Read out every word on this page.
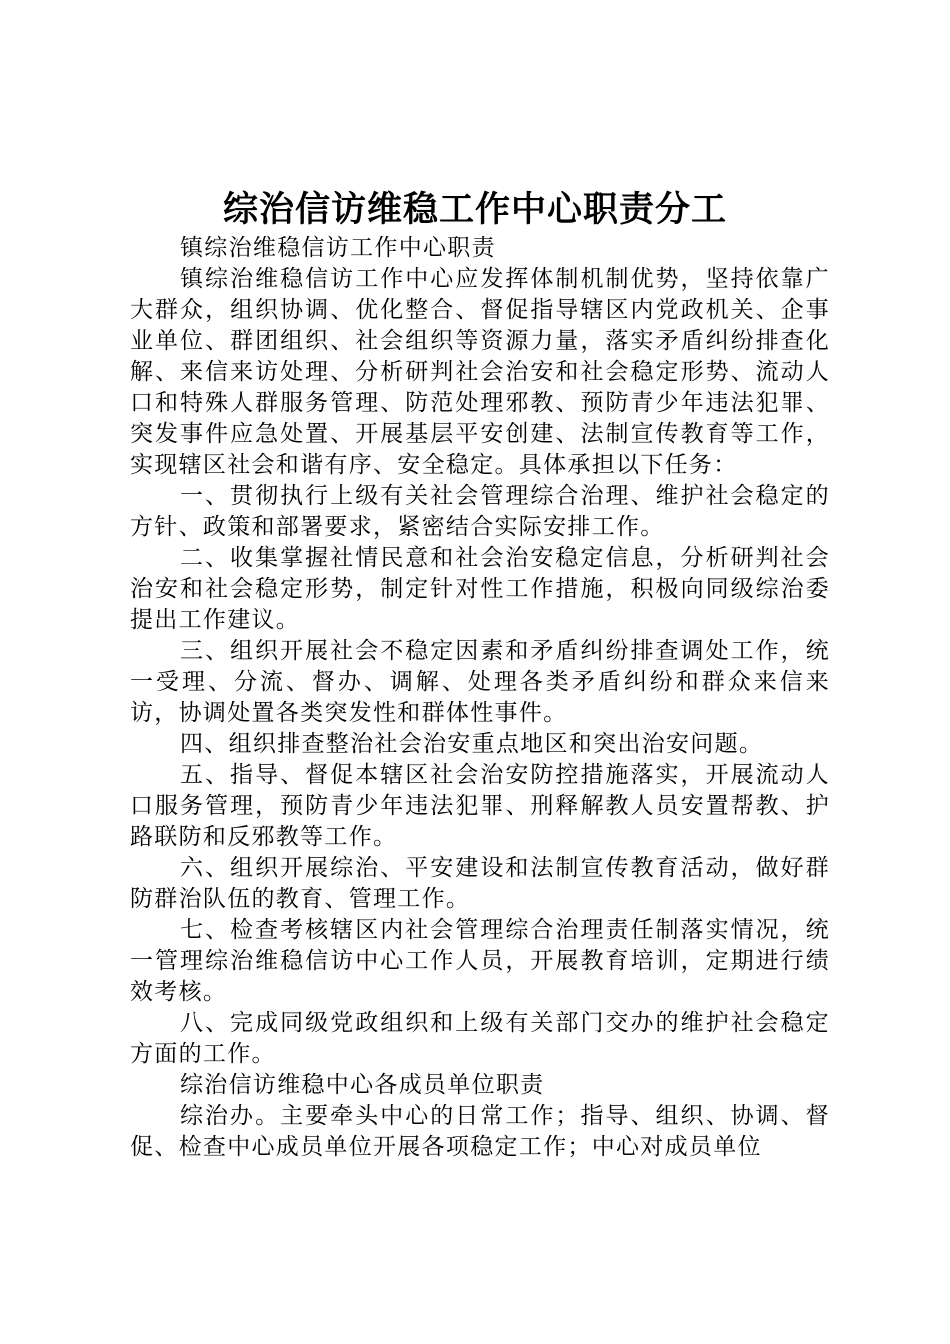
综治信访维稳工作中心职责分工

镇综治维稳信访工作中心职责

镇综治维稳信访工作中心应发挥体制机制优势，坚持依靠广大群众，组织协调、优化整合、督促指导辖区内党政机关、企事业单位、群团组织、社会组织等资源力量，落实矛盾纠纷排查化解、来信来访处理、分析研判社会治安和社会稳定形势、流动人口和特殊人群服务管理、防范处理邪教、预防青少年违法犯罪、突发事件应急处置、开展基层平安创建、法制宣传教育等工作，实现辖区社会和谐有序、安全稳定。具体承担以下任务：

一、贯彻执行上级有关社会管理综合治理、维护社会稳定的方针、政策和部署要求，紧密结合实际安排工作。

二、收集掌握社情民意和社会治安稳定信息，分析研判社会治安和社会稳定形势，制定针对性工作措施，积极向同级综治委提出工作建议。

三、组织开展社会不稳定因素和矛盾纠纷排查调处工作，统一受理、分流、督办、调解、处理各类矛盾纠纷和群众来信来访，协调处置各类突发性和群体性事件。

四、组织排查整治社会治安重点地区和突出治安问题。

五、指导、督促本辖区社会治安防控措施落实，开展流动人口服务管理，预防青少年违法犯罪、刑释解教人员安置帮教、护路联防和反邪教等工作。

六、组织开展综治、平安建设和法制宣传教育活动，做好群防群治队伍的教育、管理工作。

七、检查考核辖区内社会管理综合治理责任制落实情况，统一管理综治维稳信访中心工作人员，开展教育培训，定期进行绩效考核。

八、完成同级党政组织和上级有关部门交办的维护社会稳定方面的工作。

综治信访维稳中心各成员单位职责

综治办。主要牵头中心的日常工作；指导、组织、协调、督促、检查中心成员单位开展各项稳定工作；中心对成员单位
